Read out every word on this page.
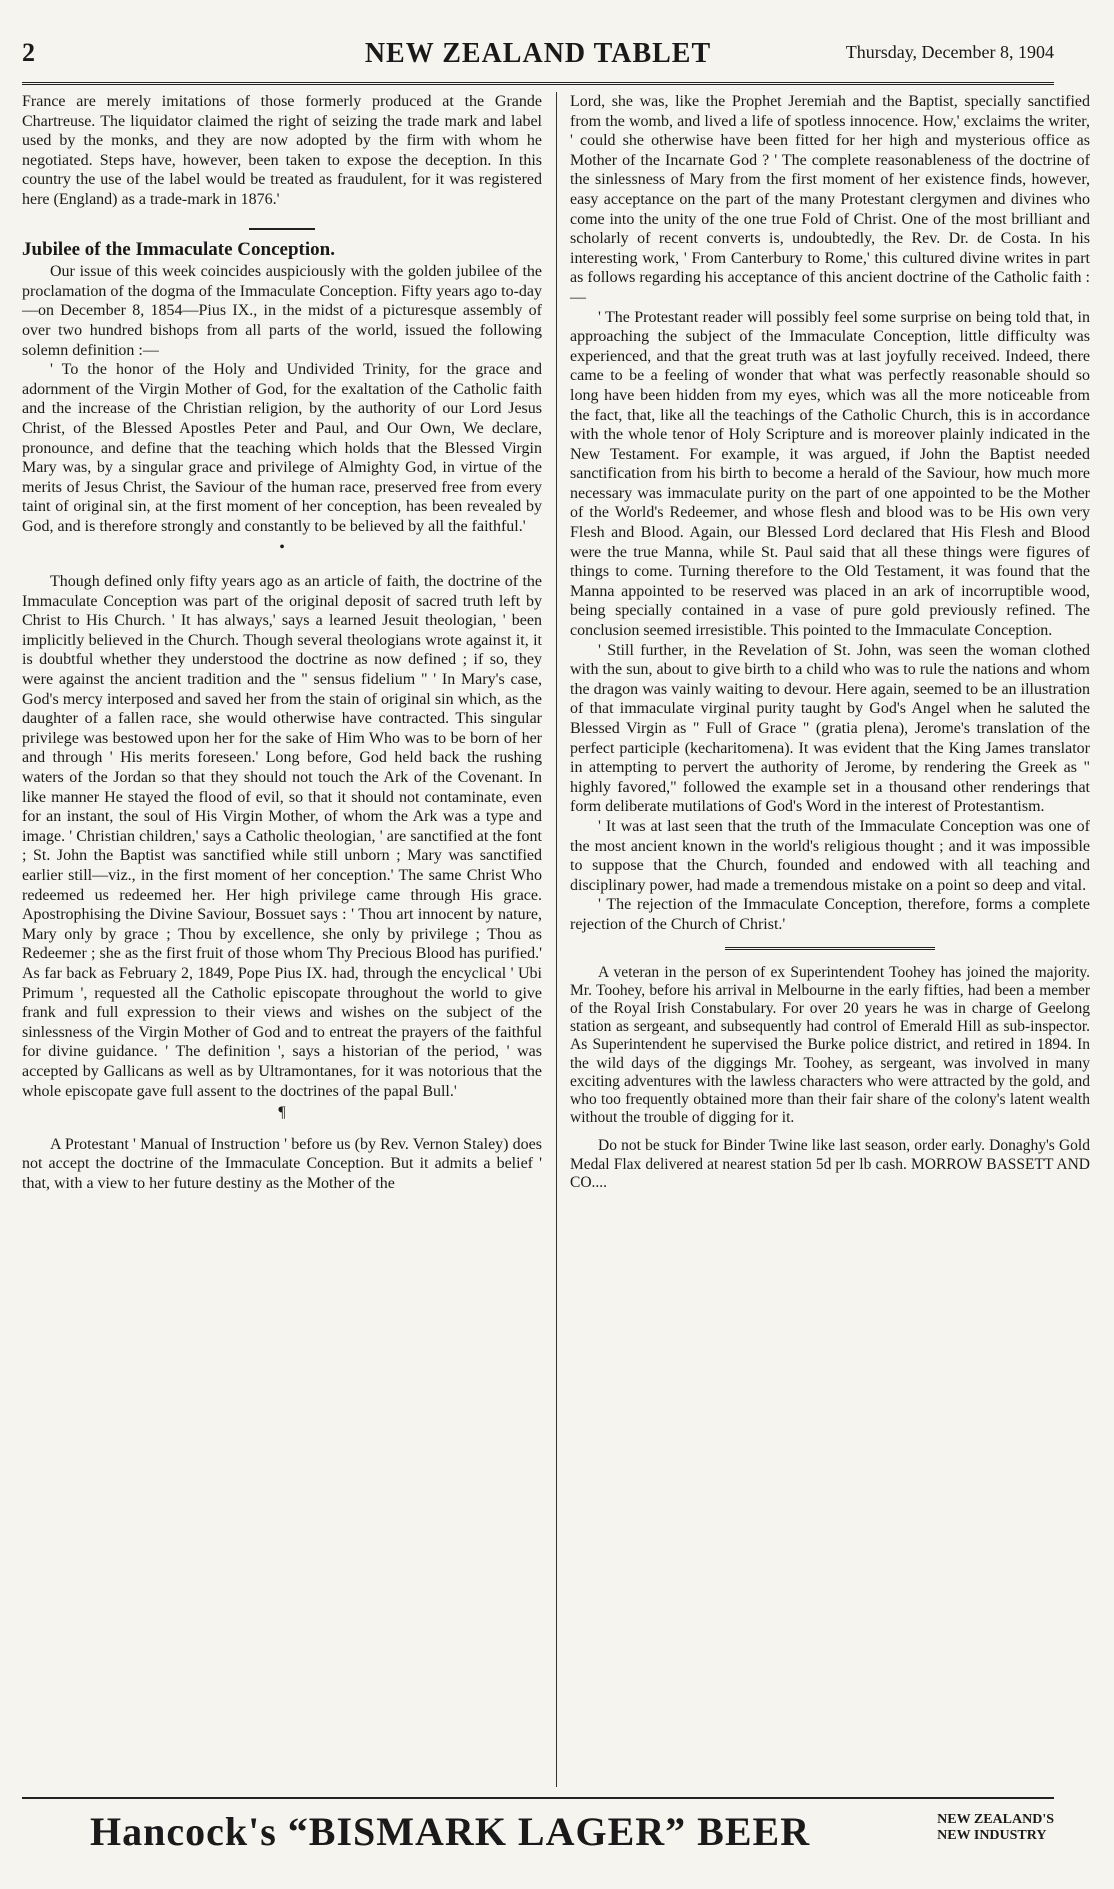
2	NEW ZEALAND TABLET	Thursday, December 8, 1904

France are merely imitations of those formerly produced at the Grande Chartreuse. The liquidator claimed the right of seizing the trade mark and label used by the monks, and they are now adopted by the firm with whom he negotiated. Steps have, however, been taken to expose the deception. In this country the use of the label would be treated as fraudulent, for it was registered here (England) as a trade-mark in 1876.'

Jubilee of the Immaculate Conception.

Our issue of this week coincides auspiciously with the golden jubilee of the proclamation of the dogma of the Immaculate Conception. Fifty years ago to-day—on December 8, 1854—Pius IX., in the midst of a picturesque assembly of over two hundred bishops from all parts of the world, issued the following solemn definition :—

' To the honor of the Holy and Undivided Trinity, for the grace and adornment of the Virgin Mother of God, for the exaltation of the Catholic faith and the increase of the Christian religion, by the authority of our Lord Jesus Christ, of the Blessed Apostles Peter and Paul, and Our Own, We declare, pronounce, and define that the teaching which holds that the Blessed Virgin Mary was, by a singular grace and privilege of Almighty God, in virtue of the merits of Jesus Christ, the Saviour of the human race, preserved free from every taint of original sin, at the first moment of her conception, has been revealed by God, and is therefore strongly and constantly to be believed by all the faithful.'

•

Though defined only fifty years ago as an article of faith, the doctrine of the Immaculate Conception was part of the original deposit of sacred truth left by Christ to His Church. ' It has always,' says a learned Jesuit theologian, ' been implicitly believed in the Church. Though several theologians wrote against it, it is doubtful whether they understood the doctrine as now defined ; if so, they were against the ancient tradition and the " sensus fidelium " ' In Mary's case, God's mercy interposed and saved her from the stain of original sin which, as the daughter of a fallen race, she would otherwise have contracted. This singular privilege was bestowed upon her for the sake of Him Who was to be born of her and through ' His merits foreseen.' Long before, God held back the rushing waters of the Jordan so that they should not touch the Ark of the Covenant. In like manner He stayed the flood of evil, so that it should not contaminate, even for an instant, the soul of His Virgin Mother, of whom the Ark was a type and image. ' Christian children,' says a Catholic theologian, ' are sanctified at the font ; St. John the Baptist was sanctified while still unborn ; Mary was sanctified earlier still—viz., in the first moment of her conception.' The same Christ Who redeemed us redeemed her. Her high privilege came through His grace. Apostrophising the Divine Saviour, Bossuet says : ' Thou art innocent by nature, Mary only by grace ; Thou by excellence, she only by privilege ; Thou as Redeemer ; she as the first fruit of those whom Thy Precious Blood has purified.' As far back as February 2, 1849, Pope Pius IX. had, through the encyclical ' Ubi Primum ', requested all the Catholic episcopate throughout the world to give frank and full expression to their views and wishes on the subject of the sinlessness of the Virgin Mother of God and to entreat the prayers of the faithful for divine guidance. ' The definition ', says a historian of the period, ' was accepted by Gallicans as well as by Ultramontanes, for it was notorious that the whole episcopate gave full assent to the doctrines of the papal Bull.'

¶

A Protestant ' Manual of Instruction ' before us (by Rev. Vernon Staley) does not accept the doctrine of the Immaculate Conception. But it admits a belief ' that, with a view to her future destiny as the Mother of the

Lord, she was, like the Prophet Jeremiah and the Baptist, specially sanctified from the womb, and lived a life of spotless innocence. How,' exclaims the writer, ' could she otherwise have been fitted for her high and mysterious office as Mother of the Incarnate God ? ' The complete reasonableness of the doctrine of the sinlessness of Mary from the first moment of her existence finds, however, easy acceptance on the part of the many Protestant clergymen and divines who come into the unity of the one true Fold of Christ. One of the most brilliant and scholarly of recent converts is, undoubtedly, the Rev. Dr. de Costa. In his interesting work, ' From Canterbury to Rome,' this cultured divine writes in part as follows regarding his acceptance of this ancient doctrine of the Catholic faith :—

' The Protestant reader will possibly feel some surprise on being told that, in approaching the subject of the Immaculate Conception, little difficulty was experienced, and that the great truth was at last joyfully received. Indeed, there came to be a feeling of wonder that what was perfectly reasonable should so long have been hidden from my eyes, which was all the more noticeable from the fact, that, like all the teachings of the Catholic Church, this is in accordance with the whole tenor of Holy Scripture and is moreover plainly indicated in the New Testament. For example, it was argued, if John the Baptist needed sanctification from his birth to become a herald of the Saviour, how much more necessary was immaculate purity on the part of one appointed to be the Mother of the World's Redeemer, and whose flesh and blood was to be His own very Flesh and Blood. Again, our Blessed Lord declared that His Flesh and Blood were the true Manna, while St. Paul said that all these things were figures of things to come. Turning therefore to the Old Testament, it was found that the Manna appointed to be reserved was placed in an ark of incorruptible wood, being specially contained in a vase of pure gold previously refined. The conclusion seemed irresistible. This pointed to the Immaculate Conception.

' Still further, in the Revelation of St. John, was seen the woman clothed with the sun, about to give birth to a child who was to rule the nations and whom the dragon was vainly waiting to devour. Here again, seemed to be an illustration of that immaculate virginal purity taught by God's Angel when he saluted the Blessed Virgin as " Full of Grace " (gratia plena), Jerome's translation of the perfect participle (kecharitomena). It was evident that the King James translator in attempting to pervert the authority of Jerome, by rendering the Greek as " highly favored," followed the example set in a thousand other renderings that form deliberate mutilations of God's Word in the interest of Protestantism.

' It was at last seen that the truth of the Immaculate Conception was one of the most ancient known in the world's religious thought ; and it was impossible to suppose that the Church, founded and endowed with all teaching and disciplinary power, had made a tremendous mistake on a point so deep and vital.

' The rejection of the Immaculate Conception, therefore, forms a complete rejection of the Church of Christ.'

A veteran in the person of ex Superintendent Toohey has joined the majority. Mr. Toohey, before his arrival in Melbourne in the early fifties, had been a member of the Royal Irish Constabulary. For over 20 years he was in charge of Geelong station as sergeant, and subsequently had control of Emerald Hill as sub-inspector. As Superintendent he supervised the Burke police district, and retired in 1894. In the wild days of the diggings Mr. Toohey, as sergeant, was involved in many exciting adventures with the lawless characters who were attracted by the gold, and who too frequently obtained more than their fair share of the colony's latent wealth without the trouble of digging for it.

Do not be stuck for Binder Twine like last season, order early. Donaghy's Gold Medal Flax delivered at nearest station 5d per lb cash. MORROW BASSETT AND CO....

Hancock's “BISMARK LAGER” BEER	NEW ZEALAND'S
NEW INDUSTRY
